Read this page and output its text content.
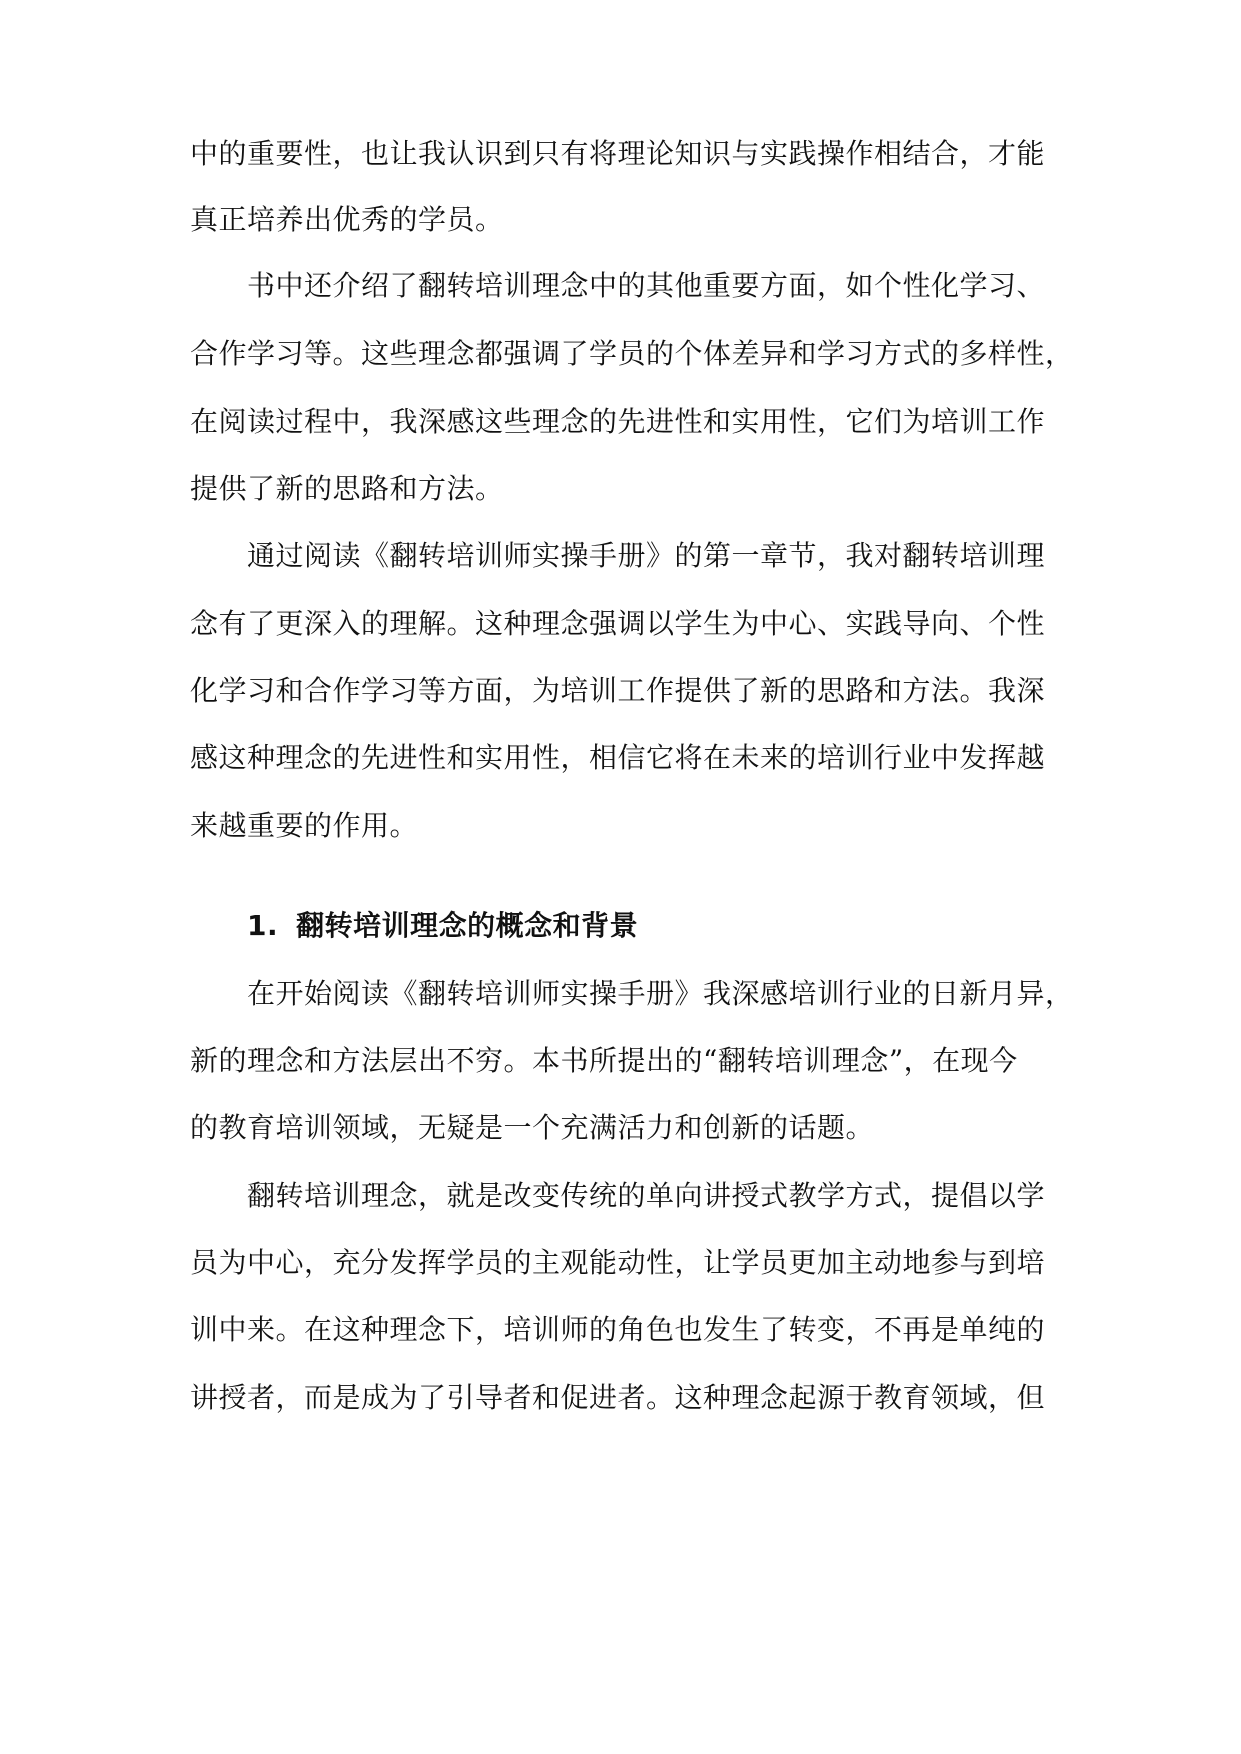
中的重要性，也让我认识到只有将理论知识与实践操作相结合，才能
真正培养出优秀的学员。
书中还介绍了翻转培训理念中的其他重要方面，如个性化学习、
合作学习等。这些理念都强调了学员的个体差异和学习方式的多样性，
在阅读过程中，我深感这些理念的先进性和实用性，它们为培训工作
提供了新的思路和方法。
通过阅读《翻转培训师实操手册》的第一章节，我对翻转培训理
念有了更深入的理解。这种理念强调以学生为中心、实践导向、个性
化学习和合作学习等方面，为培训工作提供了新的思路和方法。我深
感这种理念的先进性和实用性，相信它将在未来的培训行业中发挥越
来越重要的作用。
1. 翻转培训理念的概念和背景
在开始阅读《翻转培训师实操手册》我深感培训行业的日新月异，
新的理念和方法层出不穷。本书所提出的“翻转培训理念”，在现今
的教育培训领域，无疑是一个充满活力和创新的话题。
翻转培训理念，就是改变传统的单向讲授式教学方式，提倡以学
员为中心，充分发挥学员的主观能动性，让学员更加主动地参与到培
训中来。在这种理念下，培训师的角色也发生了转变，不再是单纯的
讲授者，而是成为了引导者和促进者。这种理念起源于教育领域，但
